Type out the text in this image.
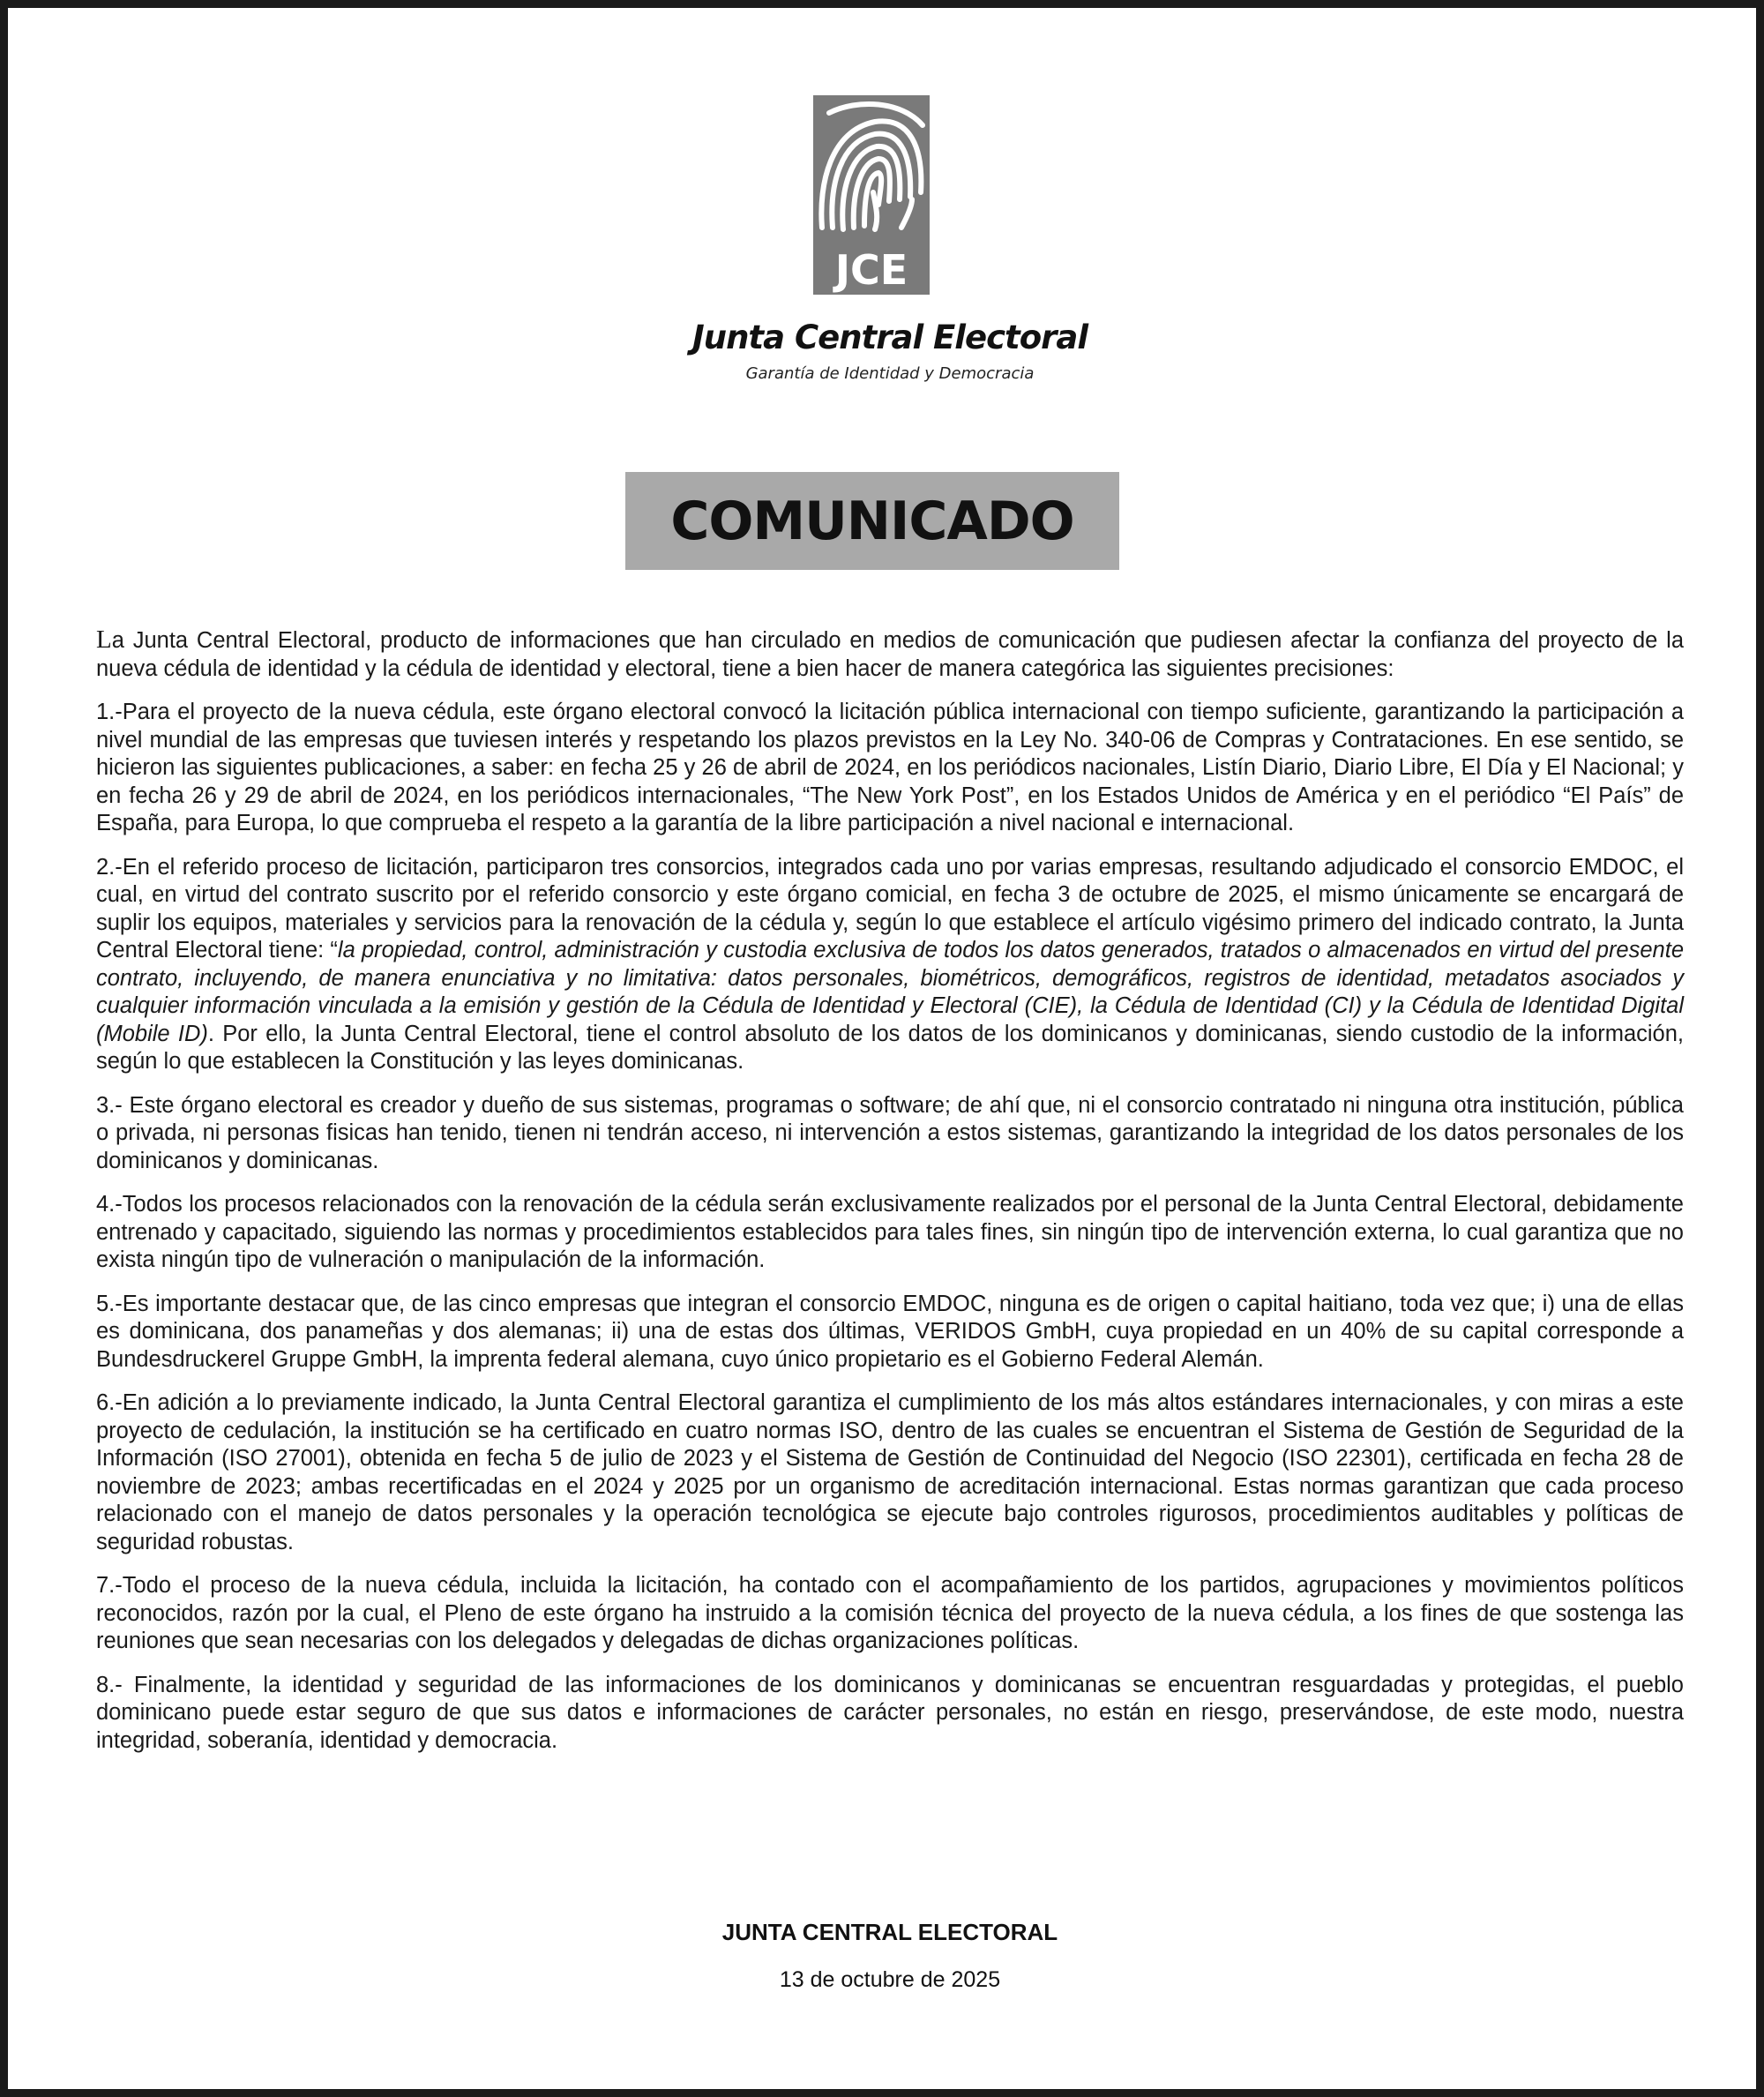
JCE
Junta Central Electoral
Garantía de Identidad y Democracia
COMUNICADO

La Junta Central Electoral, producto de informaciones que han circulado en medios de comunicación que pudiesen afectar la confianza del proyecto de la nueva cédula de identidad y la cédula de identidad y electoral, tiene a bien hacer de manera categórica las siguientes precisiones:

1.-Para el proyecto de la nueva cédula, este órgano electoral convocó la licitación pública internacional con tiempo suficiente, garantizando la participación a nivel mundial de las empresas que tuviesen interés y respetando los plazos previstos en la Ley No. 340-06 de Compras y Contrataciones. En ese sentido, se hicieron las siguientes publicaciones, a saber: en fecha 25 y 26 de abril de 2024, en los periódicos nacionales, Listín Diario, Diario Libre, El Día y El Nacional; y en fecha 26 y 29 de abril de 2024, en los periódicos internacionales, “The New York Post”, en los Estados Unidos de América y en el periódico “El País” de España, para Europa, lo que comprueba el respeto a la garantía de la libre participación a nivel nacional e internacional.

2.-En el referido proceso de licitación, participaron tres consorcios, integrados cada uno por varias empresas, resultando adjudicado el consorcio EMDOC, el cual, en virtud del contrato suscrito por el referido consorcio y este órgano comicial, en fecha 3 de octubre de 2025, el mismo únicamente se encargará de suplir los equipos, materiales y servicios para la renovación de la cédula y, según lo que establece el artículo vigésimo primero del indicado contrato, la Junta Central Electoral tiene: “la propiedad, control, administración y custodia exclusiva de todos los datos generados, tratados o almacenados en virtud del presente contrato, incluyendo, de manera enunciativa y no limitativa: datos personales, biométricos, demográficos, registros de identidad, metadatos asociados y cualquier información vinculada a la emisión y gestión de la Cédula de Identidad y Electoral (CIE), la Cédula de Identidad (CI) y la Cédula de Identidad Digital (Mobile ID). Por ello, la Junta Central Electoral, tiene el control absoluto de los datos de los dominicanos y dominicanas, siendo custodio de la información, según lo que establecen la Constitución y las leyes dominicanas.

3.- Este órgano electoral es creador y dueño de sus sistemas, programas o software; de ahí que, ni el consorcio contratado ni ninguna otra institución, pública o privada, ni personas fisicas han tenido, tienen ni tendrán acceso, ni intervención a estos sistemas, garantizando la integridad de los datos personales de los dominicanos y dominicanas.

4.-Todos los procesos relacionados con la renovación de la cédula serán exclusivamente realizados por el personal de la Junta Central Electoral, debidamente entrenado y capacitado, siguiendo las normas y procedimientos establecidos para tales fines, sin ningún tipo de intervención externa, lo cual garantiza que no exista ningún tipo de vulneración o manipulación de la información.

5.-Es importante destacar que, de las cinco empresas que integran el consorcio EMDOC, ninguna es de origen o capital haitiano, toda vez que; i) una de ellas es dominicana, dos panameñas y dos alemanas; ii) una de estas dos últimas, VERIDOS GmbH, cuya propiedad en un 40% de su capital corresponde a Bundesdruckerel Gruppe GmbH, la imprenta federal alemana, cuyo único propietario es el Gobierno Federal Alemán.

6.-En adición a lo previamente indicado, la Junta Central Electoral garantiza el cumplimiento de los más altos estándares internacionales, y con miras a este proyecto de cedulación, la institución se ha certificado en cuatro normas ISO, dentro de las cuales se encuentran el Sistema de Gestión de Seguridad de la Información (ISO 27001), obtenida en fecha 5 de julio de 2023 y el Sistema de Gestión de Continuidad del Negocio (ISO 22301), certificada en fecha 28 de noviembre de 2023; ambas recertificadas en el 2024 y 2025 por un organismo de acreditación internacional. Estas normas garantizan que cada proceso relacionado con el manejo de datos personales y la operación tecnológica se ejecute bajo controles rigurosos, procedimientos auditables y políticas de seguridad robustas.

7.-Todo el proceso de la nueva cédula, incluida la licitación, ha contado con el acompañamiento de los partidos, agrupaciones y movimientos políticos reconocidos, razón por la cual, el Pleno de este órgano ha instruido a la comisión técnica del proyecto de la nueva cédula, a los fines de que sostenga las reuniones que sean necesarias con los delegados y delegadas de dichas organizaciones políticas.

8.- Finalmente, la identidad y seguridad de las informaciones de los dominicanos y dominicanas se encuentran resguardadas y protegidas, el pueblo dominicano puede estar seguro de que sus datos e informaciones de carácter personales, no están en riesgo, preservándose, de este modo, nuestra integridad, soberanía, identidad y democracia.

JUNTA CENTRAL ELECTORAL
13 de octubre de 2025
